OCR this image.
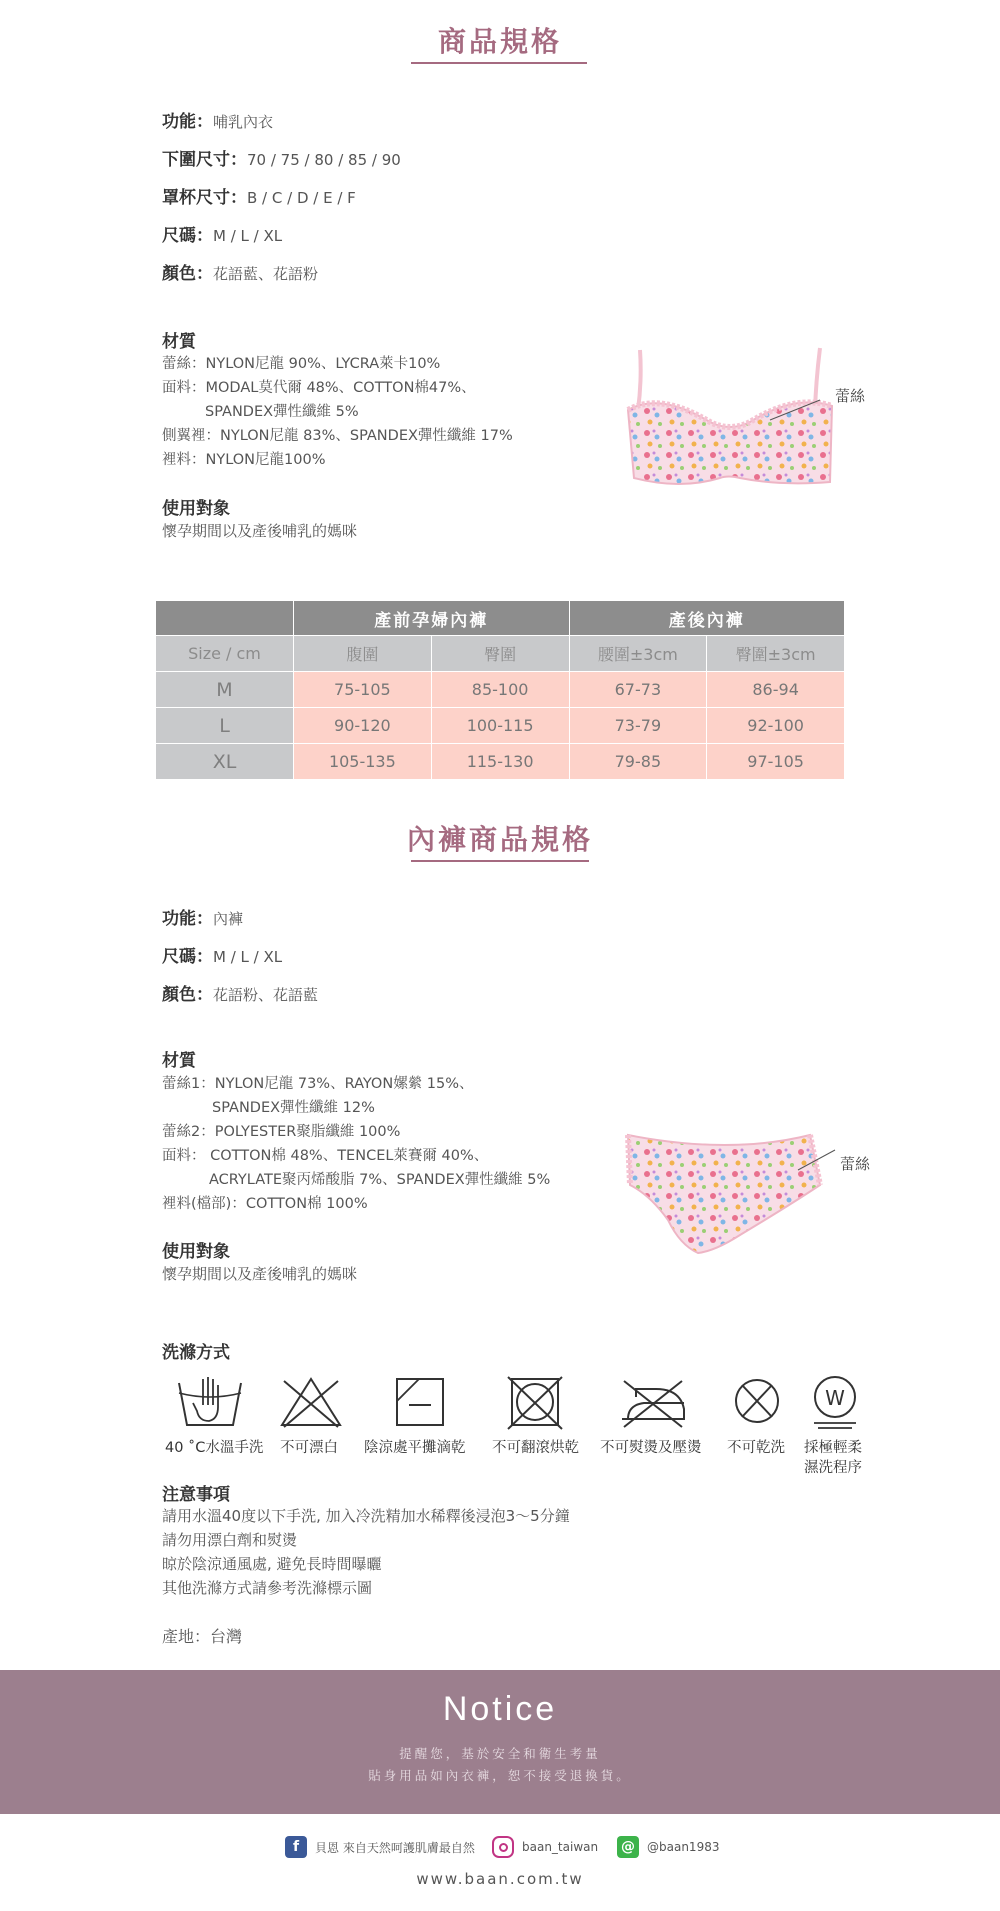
商品規格
功能：哺乳內衣
下圍尺寸：70 / 75 / 80 / 85 / 90
罩杯尺寸：B / C / D / E / F
尺碼：M / L / XL
顏色：花語藍、花語粉
材質
蕾絲：NYLON尼龍 90%、LYCRA萊卡10%
面料：MODAL莫代爾 48%、COTTON棉47%、
SPANDEX彈性纖維 5%
側翼裡：NYLON尼龍 83%、SPANDEX彈性纖維 17%
裡料：NYLON尼龍100%
使用對象
懷孕期間以及產後哺乳的媽咪
蕾絲
	產前孕婦內褲		產後內褲	
Size / cm	腹圍	臀圍	腰圍±3cm	臀圍±3cm
M	75-105	85-100	67-73	86-94
L	90-120	100-115	73-79	92-100
XL	105-135	115-130	79-85	97-105
內褲商品規格
功能：內褲
尺碼：M / L / XL
顏色：花語粉、花語藍
材質
蕾絲1：NYLON尼龍 73%、RAYON嫘縈 15%、
SPANDEX彈性纖維 12%
蕾絲2：POLYESTER聚脂纖維 100%
面料： COTTON棉 48%、TENCEL萊賽爾 40%、
ACRYLATE聚丙烯酸脂 7%、SPANDEX彈性纖維 5%
裡料(檔部)：COTTON棉 100%
使用對象
懷孕期間以及產後哺乳的媽咪
蕾絲
洗滌方式
W
40 ˚C水溫手洗 不可漂白 陰涼處平攤滴乾 不可翻滾烘乾 不可熨燙及壓燙 不可乾洗 採極輕柔
濕洗程序
注意事項
請用水溫40度以下手洗, 加入冷洗精加水稀釋後浸泡3～5分鐘
請勿用漂白劑和熨燙
晾於陰涼通風處, 避免長時間曝曬
其他洗滌方式請參考洗滌標示圖
產地：台灣
Notice
提醒您，基於安全和衛生考量
貼身用品如內衣褲，恕不接受退換貨。
f	貝恩 來自天然呵護肌膚最自然	baan_taiwan @	@baan1983
www.baan.com.tw
